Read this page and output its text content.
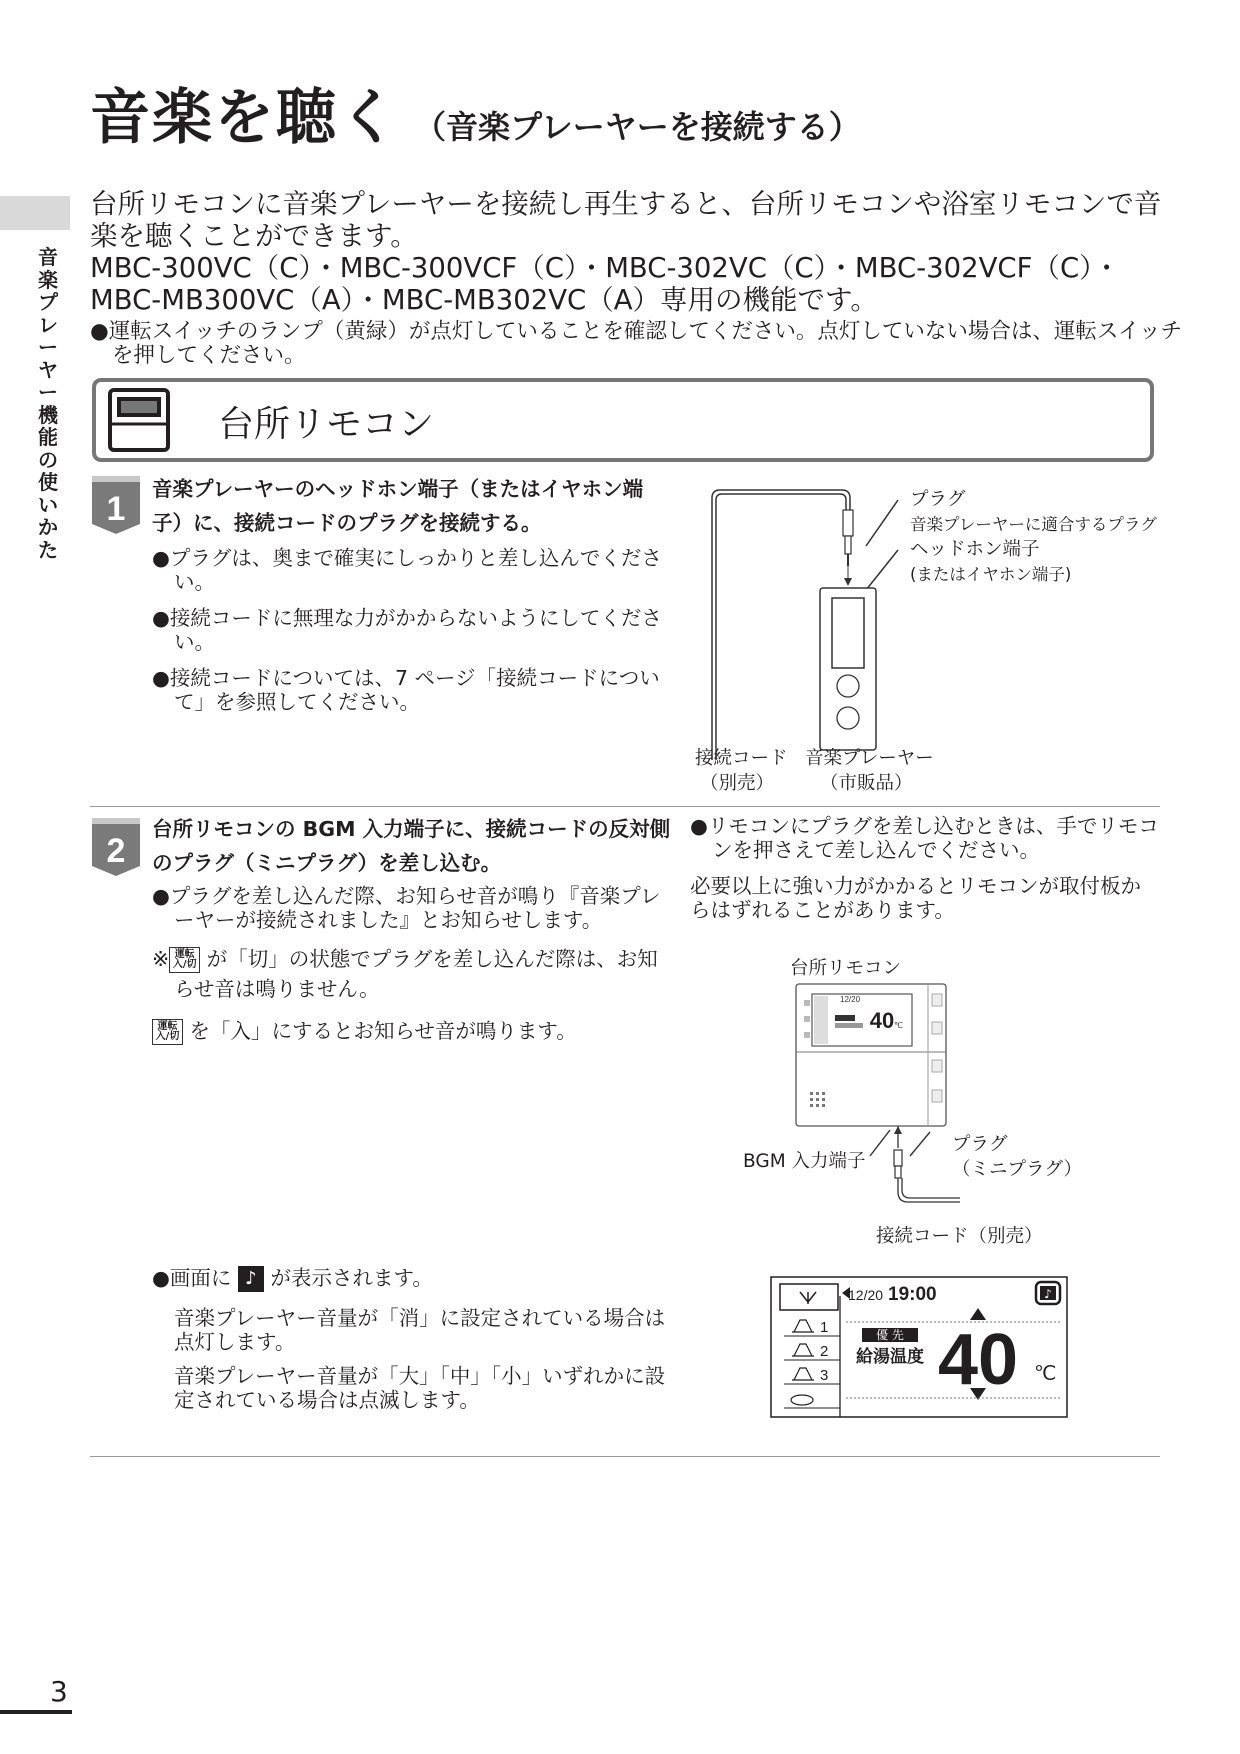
音楽を聴く （音楽プレーヤーを接続する）
音楽プレーヤー機能の使いかた

台所リモコンに音楽プレーヤーを接続し再生すると、台所リモコンや浴室リモコンで音楽を聴くことができます。

MBC-300VC（C）・MBC-300VCF（C）・MBC-302VC（C）・MBC-302VCF（C）・MBC-MB300VC（A）・MBC-MB302VC（A）専用の機能です。

●運転スイッチのランプ（黄緑）が点灯していることを確認してください。点灯していない場合は、運転スイッチを押してください。
台所リモコン
1
音楽プレーヤーのヘッドホン端子（またはイヤホン端子）に、接続コードのプラグを接続する。

●プラグは、奥まで確実にしっかりと差し込んでください。

●接続コードに無理な力がかからないようにしてください。

●接続コードについては、7 ページ「接続コードについて」を参照してください。

プラグ
音楽プレーヤーに適合するプラグ
ヘッドホン端子
(またはイヤホン端子)
接続コード
（別売）
音楽プレーヤー
（市販品）
2
台所リモコンの BGM 入力端子に、接続コードの反対側のプラグ（ミニプラグ）を差し込む。

●プラグを差し込んだ際、お知らせ音が鳴り『音楽プレーヤーが接続されました』とお知らせします。

※ 運転
入/切 が「切」の状態でプラグを差し込んだ際は、お知らせ音は鳴りません。

運転
入/切 を「入」にするとお知らせ音が鳴ります。

●リモコンにプラグを差し込むときは、手でリモコンを押さえて差し込んでください。

必要以上に強い力がかかるとリモコンが取付板からはずれることがあります。

台所リモコン
12/20
40 ℃
BGM 入力端子
プラグ
（ミニプラグ）
接続コード（別売）

●画面に ♪ が表示されます。

音楽プレーヤー音量が「消」に設定されている場合は点灯します。

音楽プレーヤー音量が「大」「中」「小」いずれかに設定されている場合は点滅します。

12/20 19:00	♪
1
2
3
優 先
給湯温度 40 ℃
3
